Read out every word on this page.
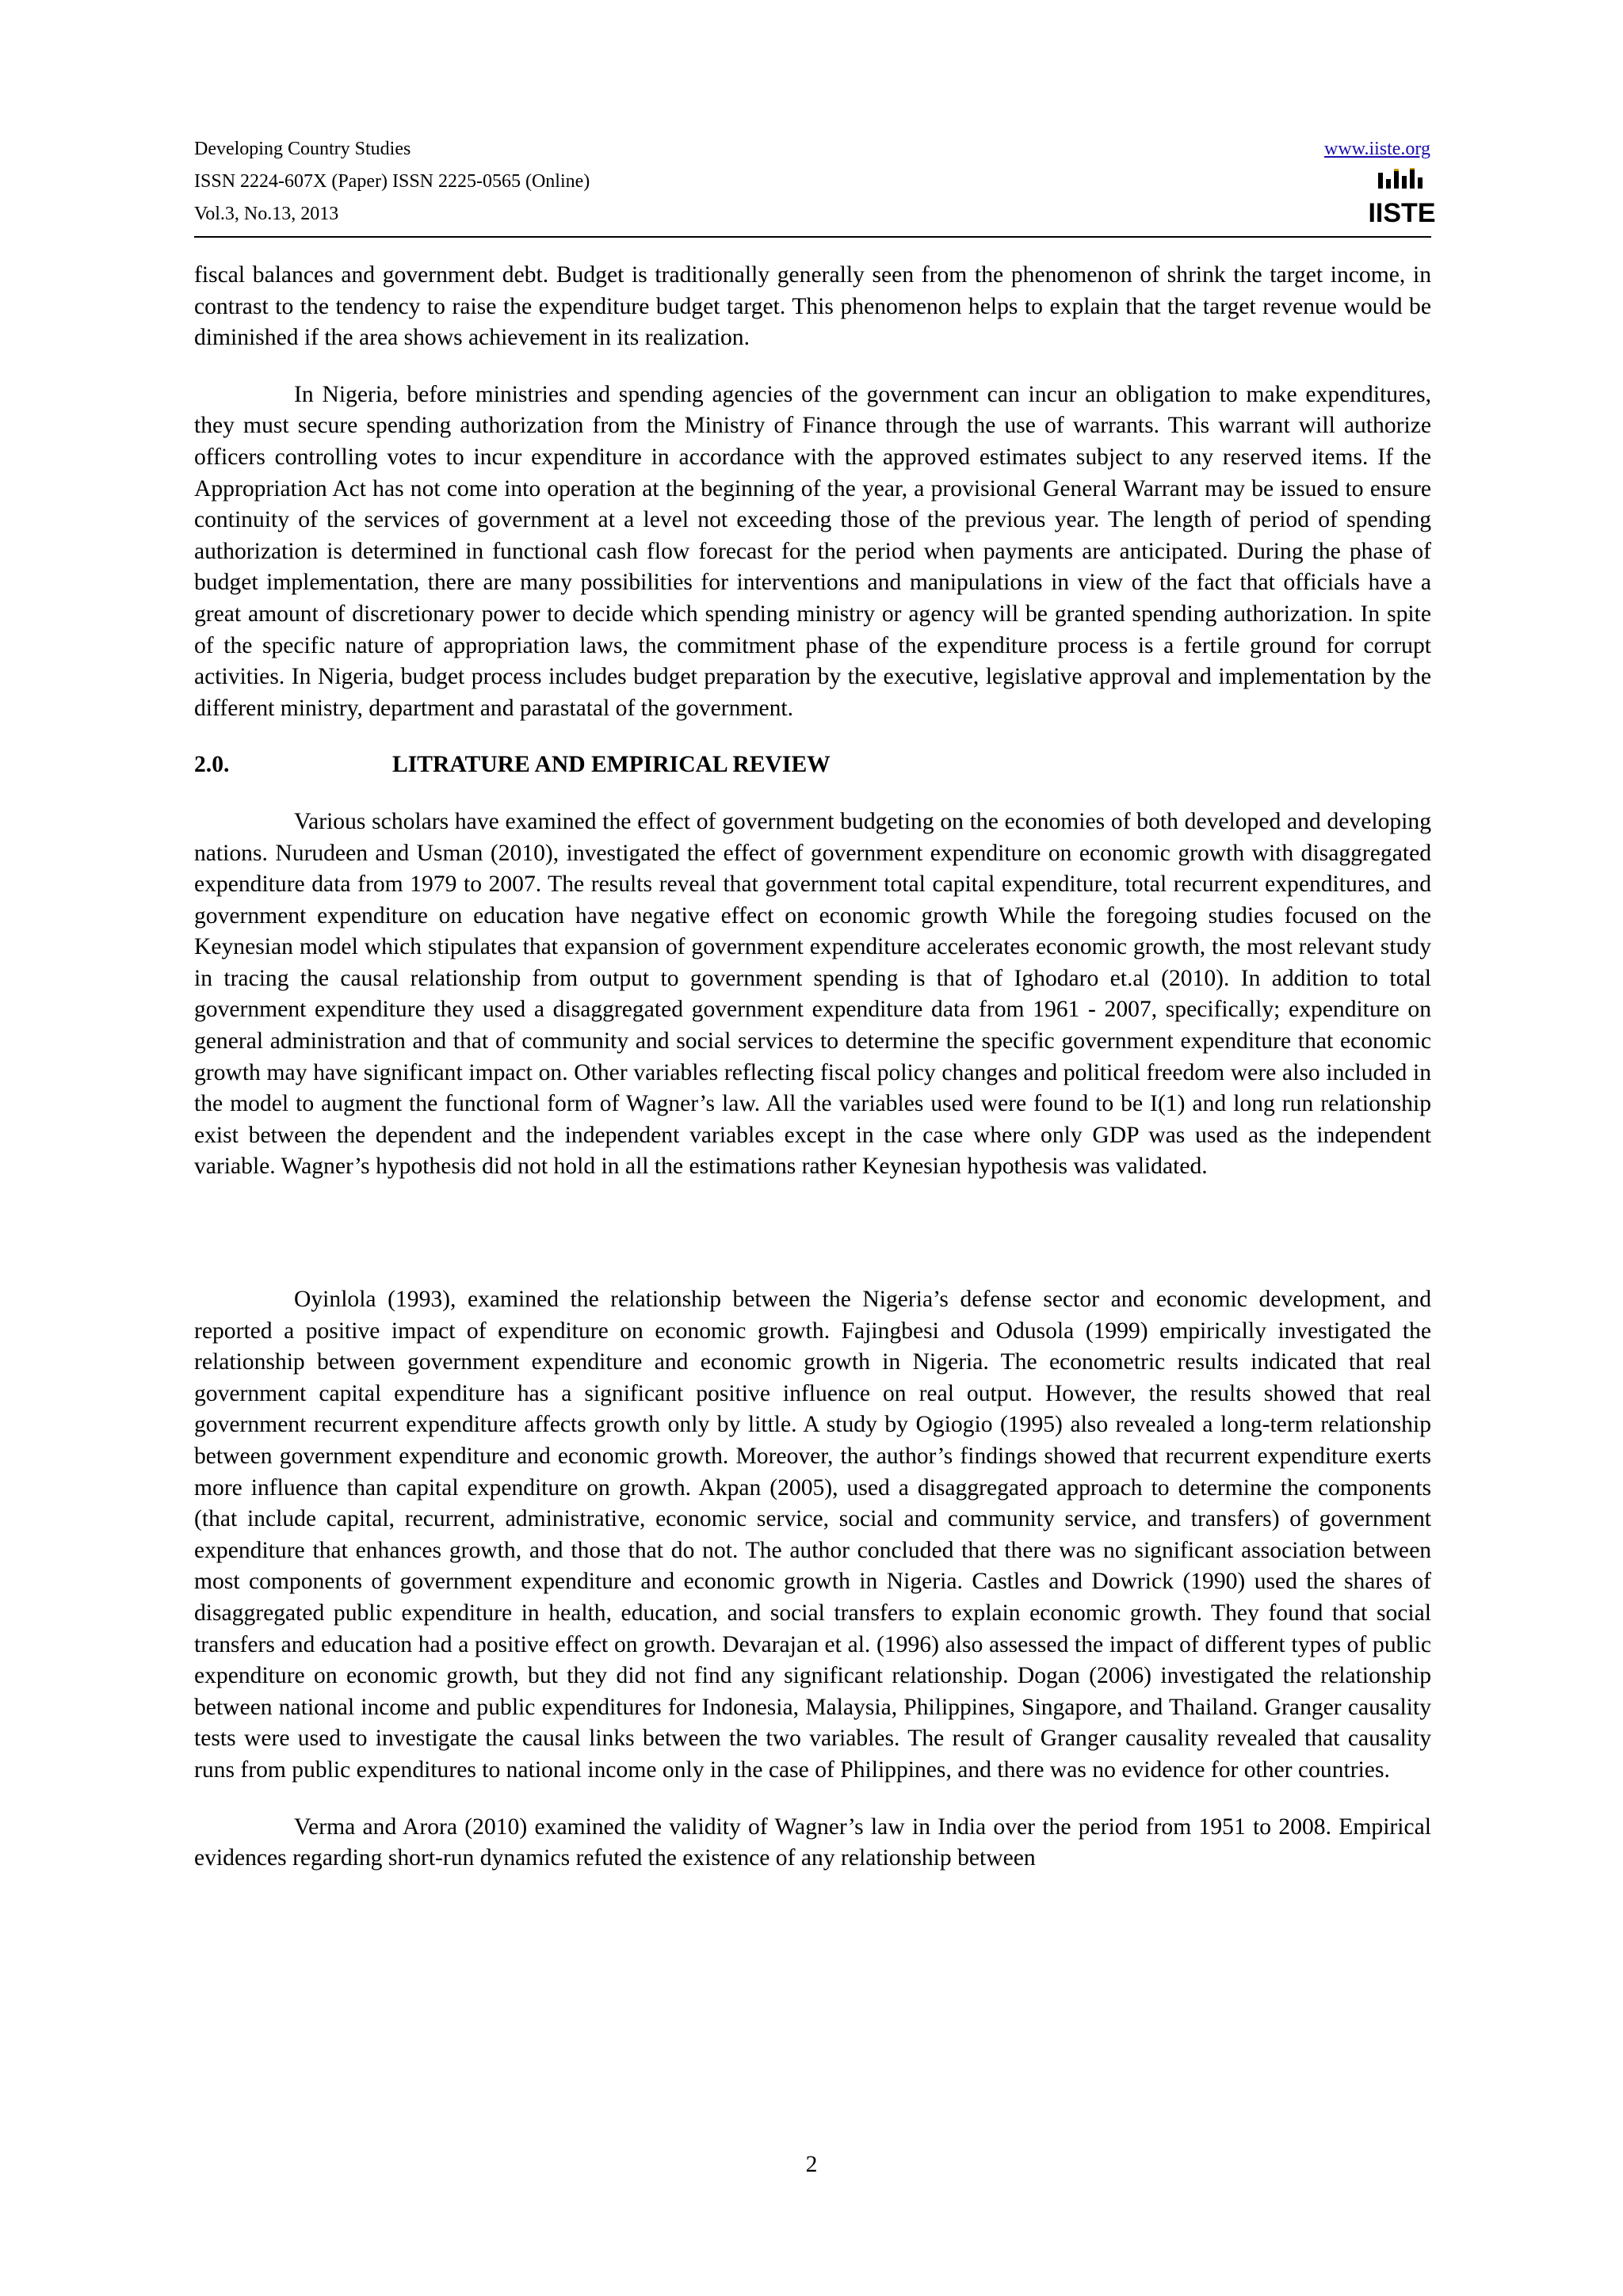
Developing Country Studies
ISSN 2224-607X (Paper) ISSN 2225-0565 (Online)
Vol.3, No.13, 2013
www.iiste.org
IISTE

fiscal balances and government debt. Budget is traditionally generally seen from the phenomenon of shrink the target income, in contrast to the tendency to raise the expenditure budget target. This phenomenon helps to explain that the target revenue would be diminished if the area shows achievement in its realization.

In Nigeria, before ministries and spending agencies of the government can incur an obligation to make expenditures, they must secure spending authorization from the Ministry of Finance through the use of warrants. This warrant will authorize officers controlling votes to incur expenditure in accordance with the approved estimates subject to any reserved items. If the Appropriation Act has not come into operation at the beginning of the year, a provisional General Warrant may be issued to ensure continuity of the services of government at a level not exceeding those of the previous year. The length of period of spending authorization is determined in functional cash flow forecast for the period when payments are anticipated. During the phase of budget implementation, there are many possibilities for interventions and manipulations in view of the fact that officials have a great amount of discretionary power to decide which spending ministry or agency will be granted spending authorization. In spite of the specific nature of appropriation laws, the commitment phase of the expenditure process is a fertile ground for corrupt activities. In Nigeria, budget process includes budget preparation by the executive, legislative approval and implementation by the different ministry, department and parastatal of the government.

2.0.	LITRATURE AND EMPIRICAL REVIEW

Various scholars have examined the effect of government budgeting on the economies of both developed and developing nations. Nurudeen and Usman (2010), investigated the effect of government expenditure on economic growth with disaggregated expenditure data from 1979 to 2007. The results reveal that government total capital expenditure, total recurrent expenditures, and government expenditure on education have negative effect on economic growth While the foregoing studies focused on the Keynesian model which stipulates that expansion of government expenditure accelerates economic growth, the most relevant study in tracing the causal relationship from output to government spending is that of Ighodaro et.al (2010). In addition to total government expenditure they used a disaggregated government expenditure data from 1961 - 2007, specifically; expenditure on general administration and that of community and social services to determine the specific government expenditure that economic growth may have significant impact on. Other variables reflecting fiscal policy changes and political freedom were also included in the model to augment the functional form of Wagner’s law. All the variables used were found to be I(1) and long run relationship exist between the dependent and the independent variables except in the case where only GDP was used as the independent variable. Wagner’s hypothesis did not hold in all the estimations rather Keynesian hypothesis was validated.

Oyinlola (1993), examined the relationship between the Nigeria’s defense sector and economic development, and reported a positive impact of expenditure on economic growth. Fajingbesi and Odusola (1999) empirically investigated the relationship between government expenditure and economic growth in Nigeria. The econometric results indicated that real government capital expenditure has a significant positive influence on real output. However, the results showed that real government recurrent expenditure affects growth only by little. A study by Ogiogio (1995) also revealed a long-term relationship between government expenditure and economic growth. Moreover, the author’s findings showed that recurrent expenditure exerts more influence than capital expenditure on growth. Akpan (2005), used a disaggregated approach to determine the components (that include capital, recurrent, administrative, economic service, social and community service, and transfers) of government expenditure that enhances growth, and those that do not. The author concluded that there was no significant association between most components of government expenditure and economic growth in Nigeria. Castles and Dowrick (1990) used the shares of disaggregated public expenditure in health, education, and social transfers to explain economic growth. They found that social transfers and education had a positive effect on growth. Devarajan et al. (1996) also assessed the impact of different types of public expenditure on economic growth, but they did not find any significant relationship. Dogan (2006) investigated the relationship between national income and public expenditures for Indonesia, Malaysia, Philippines, Singapore, and Thailand. Granger causality tests were used to investigate the causal links between the two variables. The result of Granger causality revealed that causality runs from public expenditures to national income only in the case of Philippines, and there was no evidence for other countries.

Verma and Arora (2010) examined the validity of Wagner’s law in India over the period from 1951 to 2008. Empirical evidences regarding short-run dynamics refuted the existence of any relationship between

2
